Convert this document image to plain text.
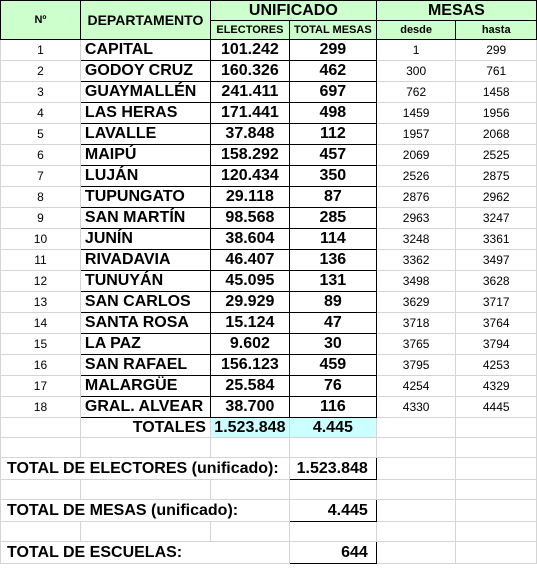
Nº	DEPARTAMENTO	UNIFICADO		MESAS	
		ELECTORES	TOTAL MESAS	desde	hasta
1	CAPITAL	101.242	299	1	299
2	GODOY CRUZ	160.326	462	300	761
3	GUAYMALLÉN	241.411	697	762	1458
4	LAS HERAS	171.441	498	1459	1956
5	LAVALLE	37.848	112	1957	2068
6	MAIPÚ	158.292	457	2069	2525
7	LUJÁN	120.434	350	2526	2875
8	TUPUNGATO	29.118	87	2876	2962
9	SAN MARTÍN	98.568	285	2963	3247
10	JUNÍN	38.604	114	3248	3361
11	RIVADAVIA	46.407	136	3362	3497
12	TUNUYÁN	45.095	131	3498	3628
13	SAN CARLOS	29.929	89	3629	3717
14	SANTA ROSA	15.124	47	3718	3764
15	LA PAZ	9.602	30	3765	3794
16	SAN RAFAEL	156.123	459	3795	4253
17	MALARGÜE	25.584	76	4254	4329
18	GRAL. ALVEAR	38.700	116	4330	4445
	TOTALES	1.523.848	4.445		

TOTAL DE ELECTORES (unificado):			1.523.848		

TOTAL DE MESAS (unificado):			4.445		

TOTAL DE ESCUELAS:			644		
